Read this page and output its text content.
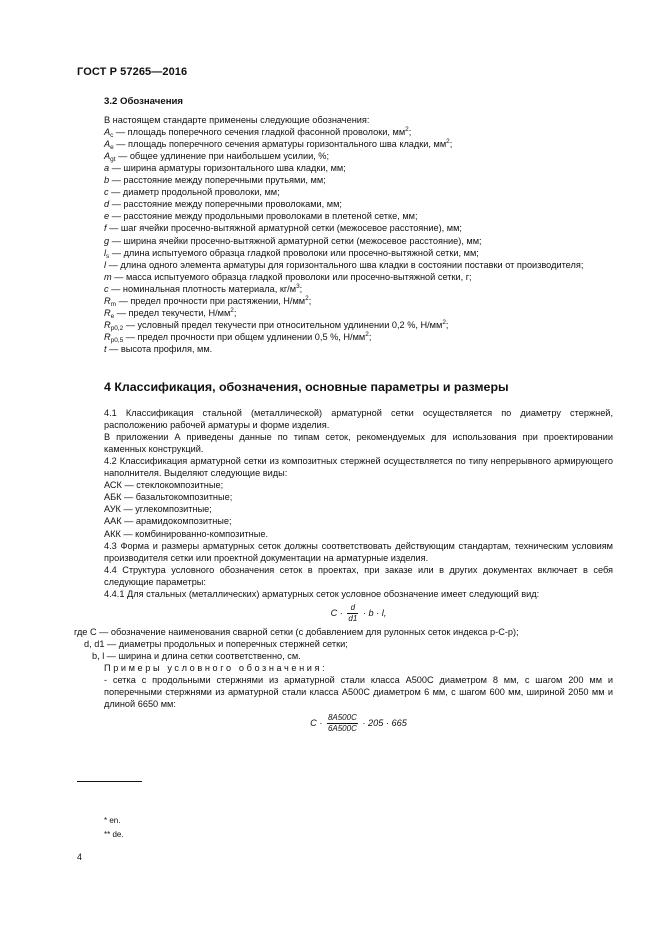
ГОСТ Р 57265—2016
3.2 Обозначения

В настоящем стандарте применены следующие обозначения:

$A_c$ — площадь поперечного сечения гладкой фасонной проволоки, $мм^2$;

$A_e$ — площадь поперечного сечения арматуры горизонтального шва кладки, $мм^2$;

$A_{gt}$ — общее удлинение при наибольшем усилии, %;

a — ширина арматуры горизонтального шва кладки, мм;

b — расстояние между поперечными прутьями, мм;

c — диаметр продольной проволоки, мм;

d — расстояние между поперечными проволоками, мм;

e — расстояние между продольными проволоками в плетеной сетке, мм;

f — шаг ячейки просечно-вытяжной арматурной сетки (межосевое расстояние), мм;

g — ширина ячейки просечно-вытяжной арматурной сетки (межосевое расстояние), мм;

$l_s$ — длина испытуемого образца гладкой проволоки или просечно-вытяжной сетки, мм;

l — длина одного элемента арматуры для горизонтального шва кладки в состоянии поставки от производителя;

m — масса испытуемого образца гладкой проволоки или просечно-вытяжной сетки, г;

c — номинальная плотность материала, $кг/м^3$;

$R_m$ — предел прочности при растяжении, $Н/мм^2$;

$R_e$ — предел текучести, $Н/мм^2$;

$R_{p0,2}$ — условный предел текучести при относительном удлинении 0,2 %, $Н/мм^2$;

$R_{p0,5}$ — предел прочности при общем удлинении 0,5 %, $Н/мм^2$;

t — высота профиля, мм.

4 Классификация, обозначения, основные параметры и размеры

4.1 Классификация стальной (металлической) арматурной сетки осуществляется по диаметру стержней, расположению рабочей арматуры и форме изделия.

В приложении А приведены данные по типам сеток, рекомендуемых для использования при проектировании каменных конструкций.

4.2 Классификация арматурной сетки из композитных стержней осуществляется по типу непрерывного армирующего наполнителя. Выделяют следующие виды:

АСК — стеклокомпозитные;

АБК — базальтокомпозитные;

АУК — углекомпозитные;

ААК — арамидокомпозитные;

АКК — комбинированно-композитные.

4.3 Форма и размеры арматурных сеток должны соответствовать действующим стандартам, техническим условиям производителя сетки или проектной документации на арматурные изделия.

4.4 Структура условного обозначения сеток в проектах, при заказе или в других документах включает в себя следующие параметры:

4.4.1 Для стальных (металлических) арматурных сеток условное обозначение имеет следующий вид:

$C \cdot \frac{d}{d1} \cdot b \cdot l$,

где С — обозначение наименования сварной сетки (с добавлением для рулонных сеток индекса р-С-р);

d, d1 — диаметры продольных и поперечных стержней сетки;

b, l — ширина и длина сетки соответственно, см.

Примеры условного обозначения:

- сетка с продольными стержнями из арматурной стали класса А500С диаметром 8 мм, с шагом 200 мм и поперечными стержнями из арматурной стали класса А500С диаметром 6 мм, с шагом 600 мм, шириной 2050 мм и длиной 6650 мм:

$C \cdot \frac{8A500C}{6A500C} \cdot 205 \cdot 665$
* en.
** de.
4
